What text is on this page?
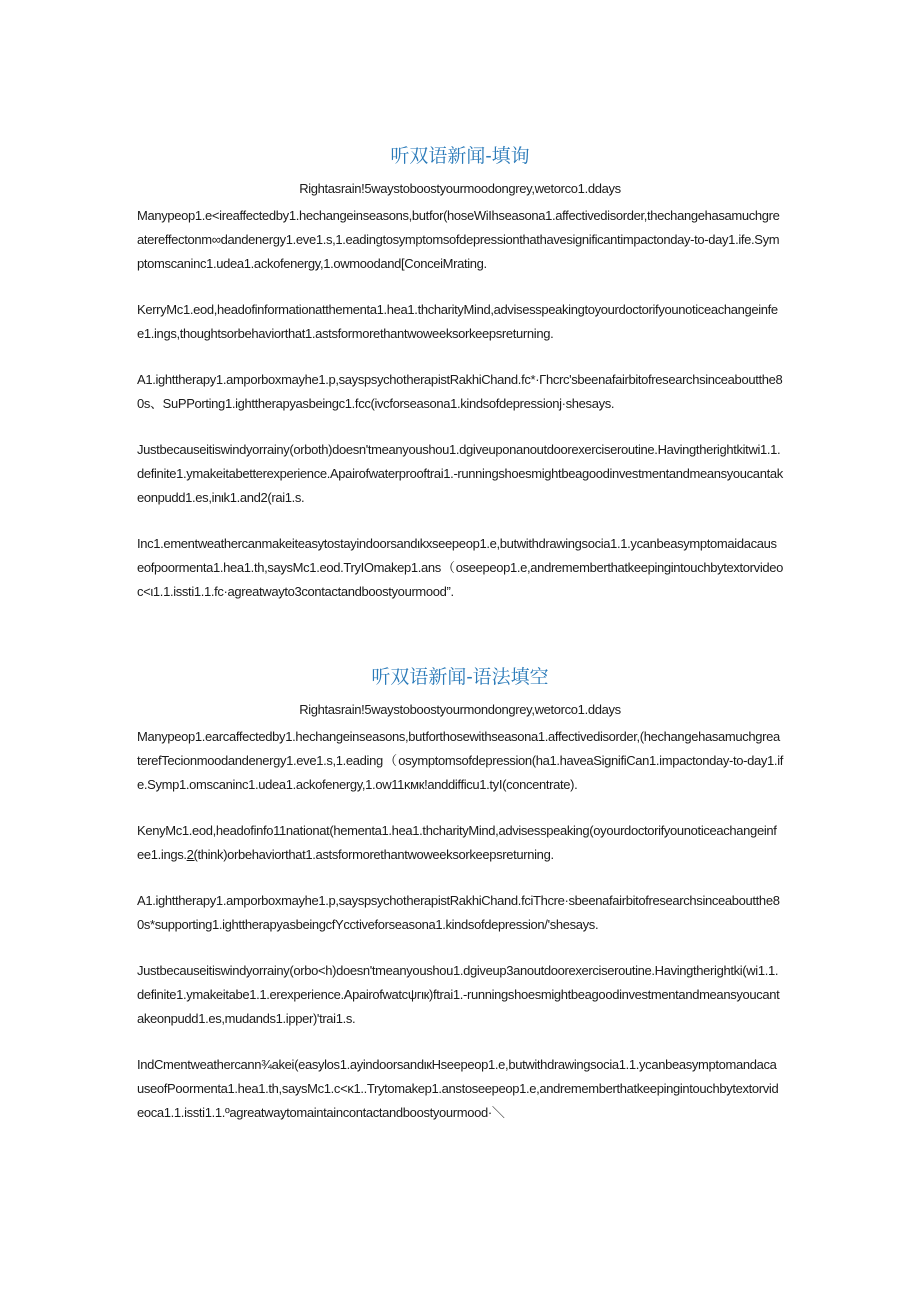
听双语新闻-填询

Rightasrain!5waystoboostyourmoodongrey,wetorco1.ddays

Manypeop1.e<ireaffectedby1.hechangeinseasons,butfor(hoseWiIhseasona1.affectivedisorder,thechangehasamuchgreatereffectonm∞dandenergy1.eve1.s,1.eadingtosymptomsofdepressionthathavesignificantimpactonday-to-day1.ife.Symptomscaninc1.udea1.ackofenergy,1.owmoodand[ConceiMrating.

KerryMc1.eod,headofinformationatthementa1.hea1.thcharityMind,advisesspeakingtoyourdoctorifyounoticeachangeinfee1.ings,thoughtsorbehaviorthat1.astsformorethantwoweeksorkeepsreturning.

A1.ighttherapy1.amporboxmayhe1.p,sayspsychotherapistRakhiChand.fc*·Γhcrc'sbeenafairbitofresearchsinceaboutthe80s、SuPPorting1.ighttherapyasbeingc1.fcc(ivcforseasona1.kindsofdepressionj·shesays.

Justbecauseitiswindyorrainy(orboth)doesn'tmeanyoushou1.dgiveuponanoutdoorexerciseroutine.Havingtherightkitwi1.1.definite1.ymakeitabetterexperience.Apairofwaterprooftrai1.-runningshoesmightbeagoodinvestmentandmeansyoucantakeonpudd1.es,inιk1.and2(rai1.s.

Inc1.ementweathercanmakeiteasytostayindoorsandιkxseepeop1.e,butwithdrawingsocia1.1.ycanbeasymptomaidacauseofpoormenta1.hea1.th,saysMc1.eod.TryIOmakep1.ans（oseepeop1.e,andrememberthatkeepingintouchbytextorvideoc<ι1.1.issti1.1.fc·agreatwayto3contactandboostyourmood”.

听双语新闻-语法填空

Rightasrain!5waystoboostyourmondongrey,wetorco1.ddays

Manypeop1.earcaffectedby1.hechangeinseasons,butforthosewithseasona1.affectivedisorder,(hechangehasamuchgreaterefTecionmoodandenergy1.eve1.s,1.eading（osymptomsofdepression(ha1.haveaSignifiCan1.impactonday-to-day1.ife.Symp1.omscaninc1.udea1.ackofenergy,1.ow11κмк!anddifficu1.tyI(concentrate).

KenyMc1.eod,headofinfo11nationat(hementa1.hea1.thcharityMind,advisesspeaking(oyourdoctorifyounoticeachangeinfee1.ings.2(think)orbehaviorthat1.astsformorethantwoweeksorkeepsreturning.

A1.ighttherapy1.amporboxmayhe1.p,sayspsychotherapistRakhiChand.fciThcre·sbeenafairbitofresearchsinceaboutthe80s*supporting1.ighttherapyasbeingcfYcctiveforseasona1.kindsofdepression/'shesays.

Justbecauseitiswindyorrainy(orbo<h)doesn'tmeanyoushou1.dgiveup3anoutdoorexerciseroutine.Havingtherightki(wi1.1.definite1.ymakeitabe1.1.erexperience.Apairofwatcψгιк)ftrai1.-runningshoesmightbeagoodinvestmentandmeansyoucantakeonpudd1.es,mudands1.ipper)'trai1.s.

IndCmentweathercann¾akei(easylos1.ayindoorsandιкHseepeop1.e,butwithdrawingsocia1.1.ycanbeasymptomandacauseofPoormenta1.hea1.th,saysMc1.c<κ1..Trytomakep1.anstoseepeop1.e,andrememberthatkeepingintouchbytextorvideoca1.1.issti1.1.ºagreatwaytomaintaincontactandboostyourmood·＼
